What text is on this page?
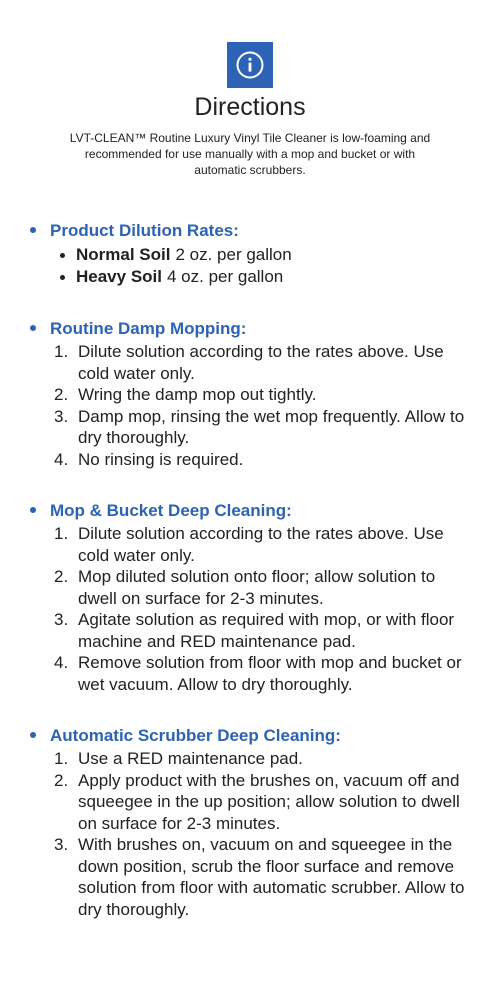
Directions

LVT-CLEAN™ Routine Luxury Vinyl Tile Cleaner is low-foaming and recommended for use manually with a mop and bucket or with automatic scrubbers.

Product Dilution Rates:
Normal Soil 2 oz. per gallon
Heavy Soil 4 oz. per gallon
Routine Damp Mopping:
1. Dilute solution according to the rates above. Use cold water only.
2. Wring the damp mop out tightly.
3. Damp mop, rinsing the wet mop frequently. Allow to dry thoroughly.
4. No rinsing is required.
Mop & Bucket Deep Cleaning:
1. Dilute solution according to the rates above. Use cold water only.
2. Mop diluted solution onto floor; allow solution to dwell on surface for 2-3 minutes.
3. Agitate solution as required with mop, or with floor machine and RED maintenance pad.
4. Remove solution from floor with mop and bucket or wet vacuum. Allow to dry thoroughly.
Automatic Scrubber Deep Cleaning:
1. Use a RED maintenance pad.
2. Apply product with the brushes on, vacuum off and squeegee in the up position; allow solution to dwell on surface for 2-3 minutes.
3. With brushes on, vacuum on and squeegee in the down position, scrub the floor surface and remove solution from floor with automatic scrubber. Allow to dry thoroughly.
